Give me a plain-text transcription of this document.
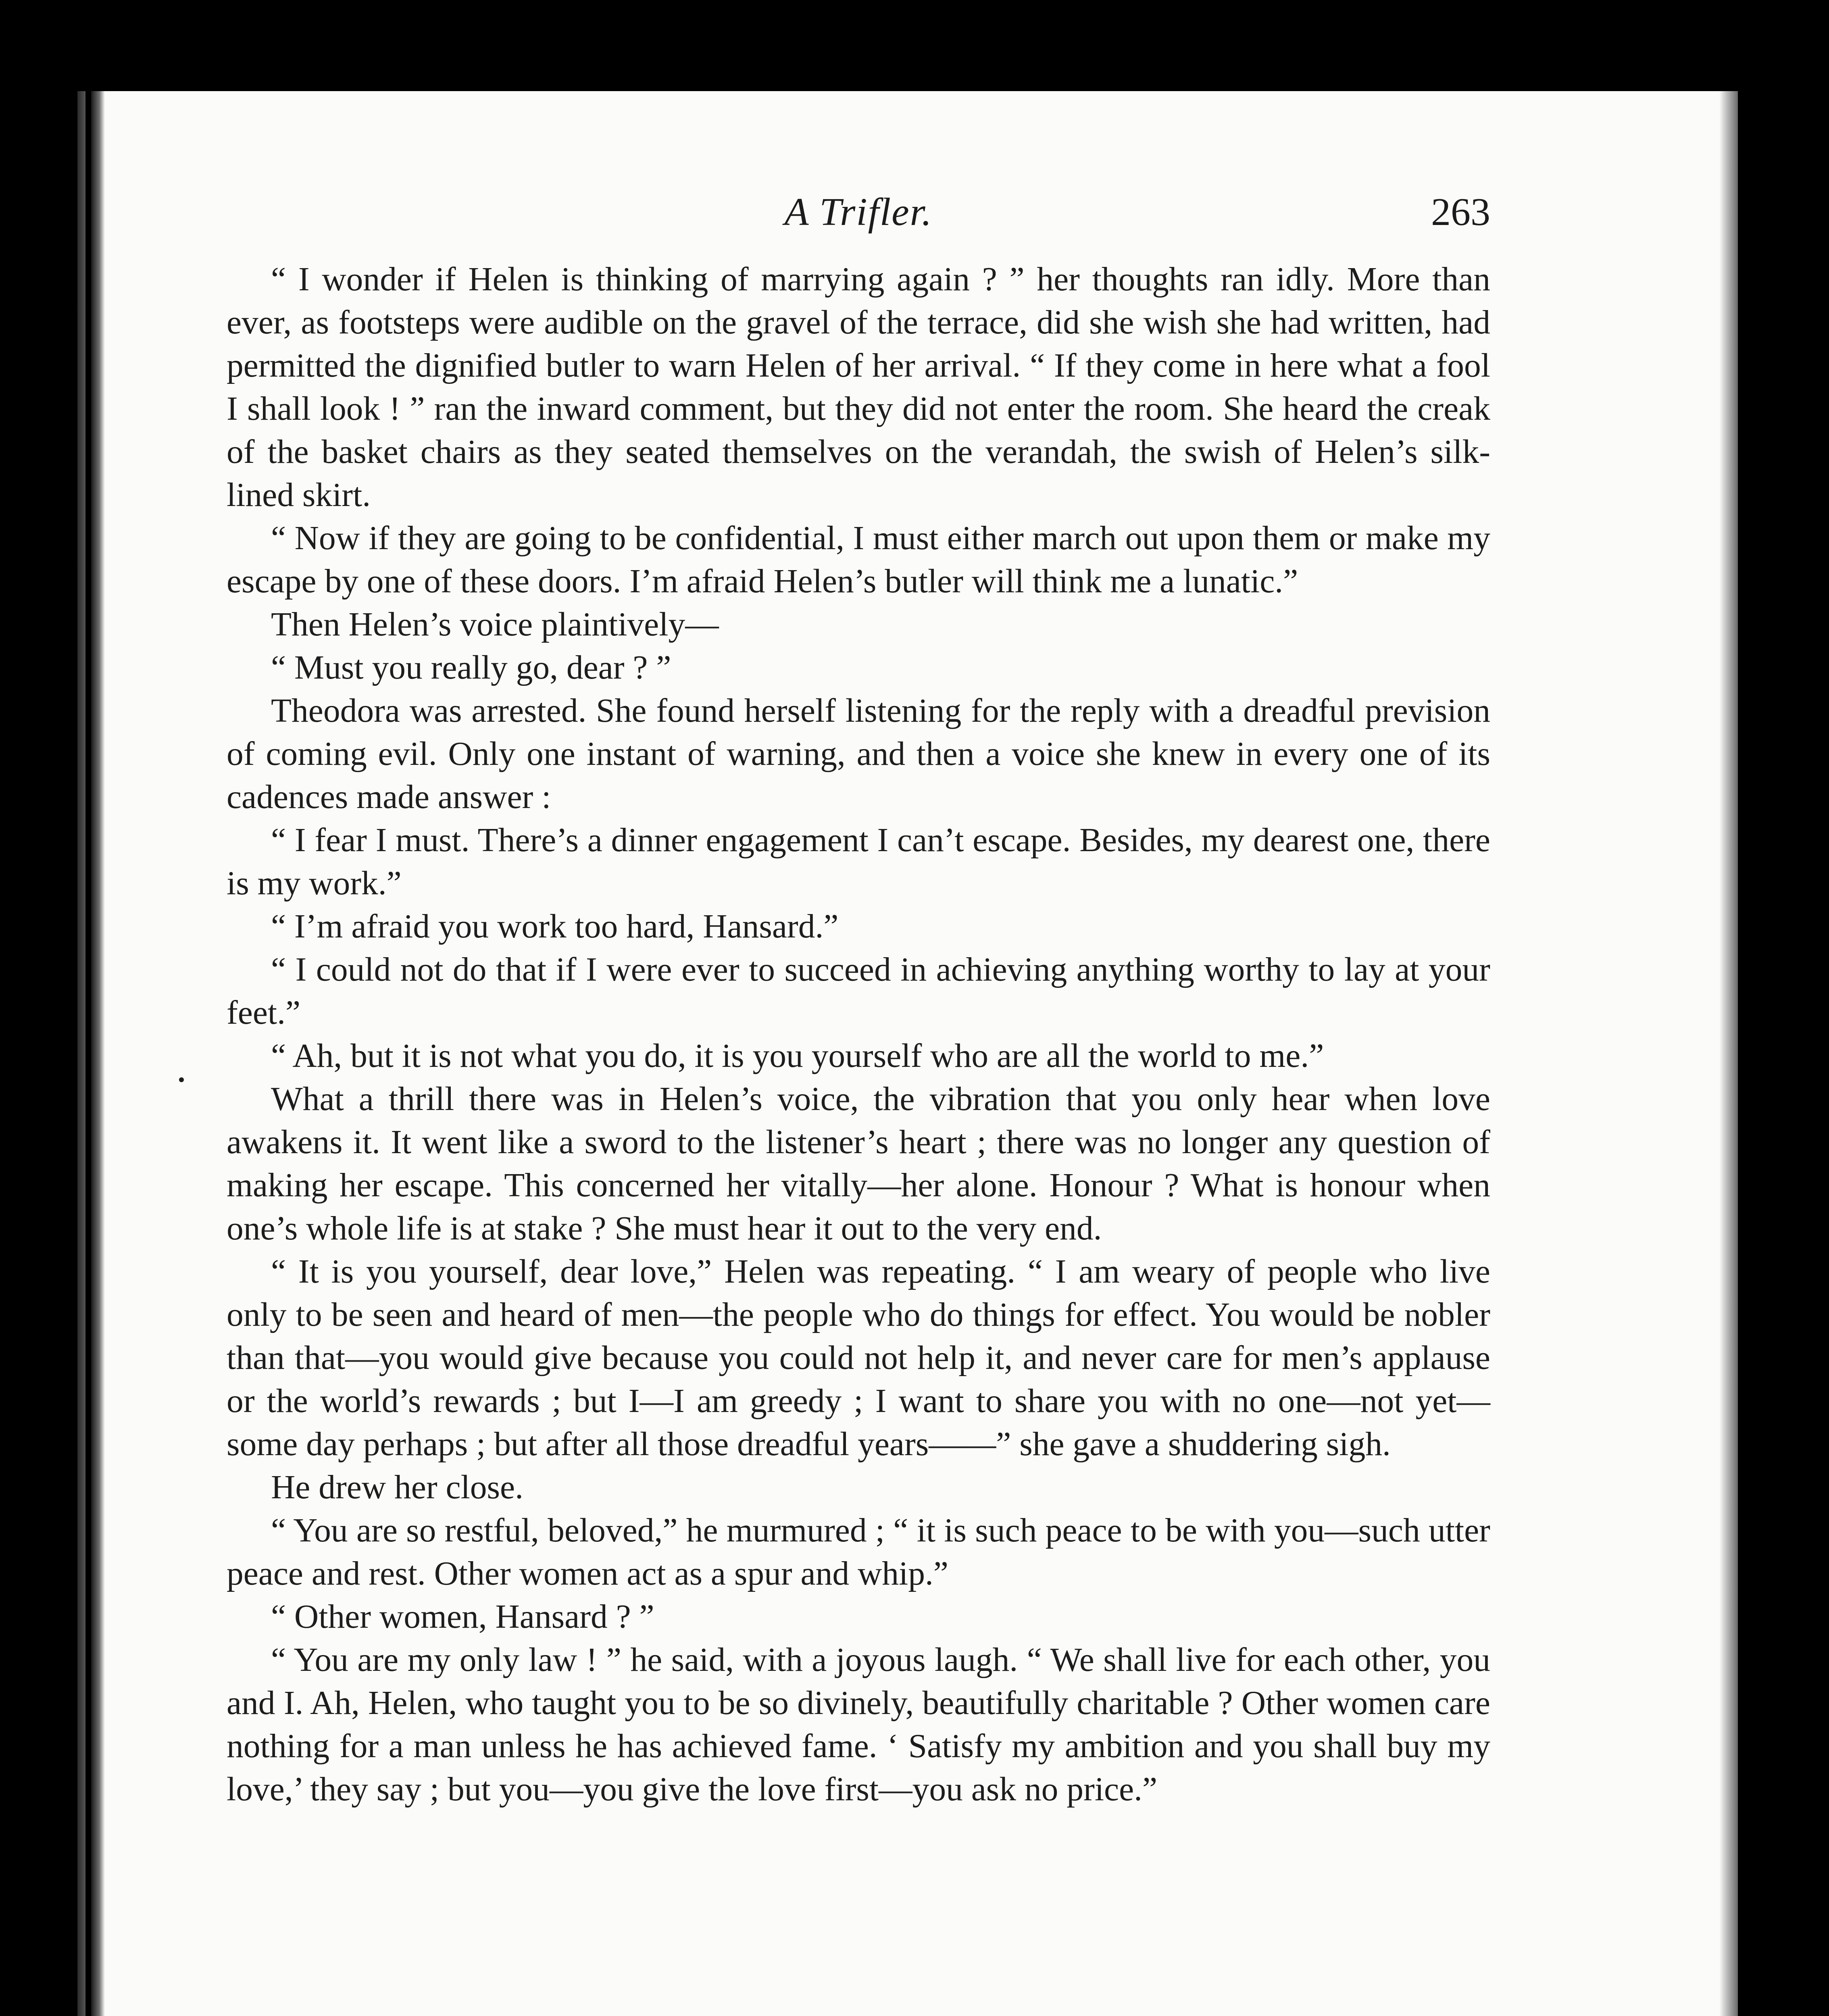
A Trifler.	263

“ I wonder if Helen is thinking of marrying again ? ” her thoughts ran idly. More than ever, as footsteps were audible on the gravel of the terrace, did she wish she had written, had permitted the dignified butler to warn Helen of her arrival. “ If they come in here what a fool I shall look ! ” ran the inward comment, but they did not enter the room. She heard the creak of the basket chairs as they seated themselves on the verandah, the swish of Helen’s silk-lined skirt.

“ Now if they are going to be confidential, I must either march out upon them or make my escape by one of these doors. I’m afraid Helen’s butler will think me a lunatic.”

Then Helen’s voice plaintively—

“ Must you really go, dear ? ”

Theodora was arrested. She found herself listening for the reply with a dreadful prevision of coming evil. Only one instant of warning, and then a voice she knew in every one of its cadences made answer :

“ I fear I must. There’s a dinner engagement I can’t escape. Besides, my dearest one, there is my work.”

“ I’m afraid you work too hard, Hansard.”

“ I could not do that if I were ever to succeed in achieving anything worthy to lay at your feet.”

“ Ah, but it is not what you do, it is you yourself who are all the world to me.”

What a thrill there was in Helen’s voice, the vibration that you only hear when love awakens it. It went like a sword to the listener’s heart ; there was no longer any question of making her escape. This concerned her vitally—her alone. Honour ? What is honour when one’s whole life is at stake ? She must hear it out to the very end.

“ It is you yourself, dear love,” Helen was repeating. “ I am weary of people who live only to be seen and heard of men—the people who do things for effect. You would be nobler than that—you would give because you could not help it, and never care for men’s applause or the world’s rewards ; but I—I am greedy ; I want to share you with no one—not yet—some day perhaps ; but after all those dreadful years——” she gave a shuddering sigh.

He drew her close.

“ You are so restful, beloved,” he murmured ; “ it is such peace to be with you—such utter peace and rest. Other women act as a spur and whip.”

“ Other women, Hansard ? ”

“ You are my only law ! ” he said, with a joyous laugh. “ We shall live for each other, you and I. Ah, Helen, who taught you to be so divinely, beautifully charitable ? Other women care nothing for a man unless he has achieved fame. ‘ Satisfy my ambition and you shall buy my love,’ they say ; but you—you give the love first—you ask no price.”
